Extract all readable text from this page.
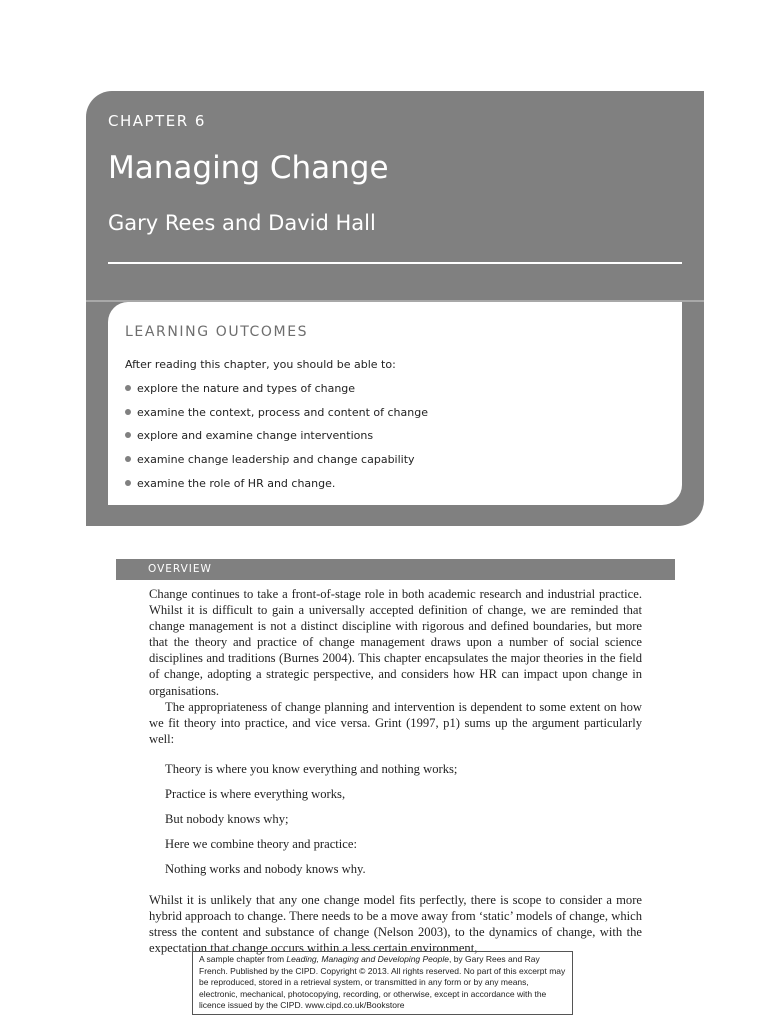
CHAPTER 6
Managing Change
Gary Rees and David Hall
LEARNING OUTCOMES
After reading this chapter, you should be able to:
explore the nature and types of change
examine the context, process and content of change
explore and examine change interventions
examine change leadership and change capability
examine the role of HR and change.
OVERVIEW

Change continues to take a front-of-stage role in both academic research and industrial practice. Whilst it is difficult to gain a universally accepted definition of change, we are reminded that change management is not a distinct discipline with rigorous and defined boundaries, but more that the theory and practice of change management draws upon a number of social science disciplines and traditions (Burnes 2004). This chapter encapsulates the major theories in the field of change, adopting a strategic perspective, and considers how HR can impact upon change in organisations.

The appropriateness of change planning and intervention is dependent to some extent on how we fit theory into practice, and vice versa. Grint (1997, p1) sums up the argument particularly well:

Theory is where you know everything and nothing works;
Practice is where everything works,
But nobody knows why;
Here we combine theory and practice:
Nothing works and nobody knows why.

Whilst it is unlikely that any one change model fits perfectly, there is scope to consider a more hybrid approach to change. There needs to be a move away from ‘static’ models of change, which stress the content and substance of change (Nelson 2003), to the dynamics of change, with the expectation that change occurs within a less certain environment,

A sample chapter from Leading, Managing and Developing People, by Gary Rees and Ray French. Published by the CIPD. Copyright © 2013. All rights reserved. No part of this excerpt may be reproduced, stored in a retrieval system, or transmitted in any form or by any means, electronic, mechanical, photocopying, recording, or otherwise, except in accordance with the licence issued by the CIPD. www.cipd.co.uk/Bookstore
